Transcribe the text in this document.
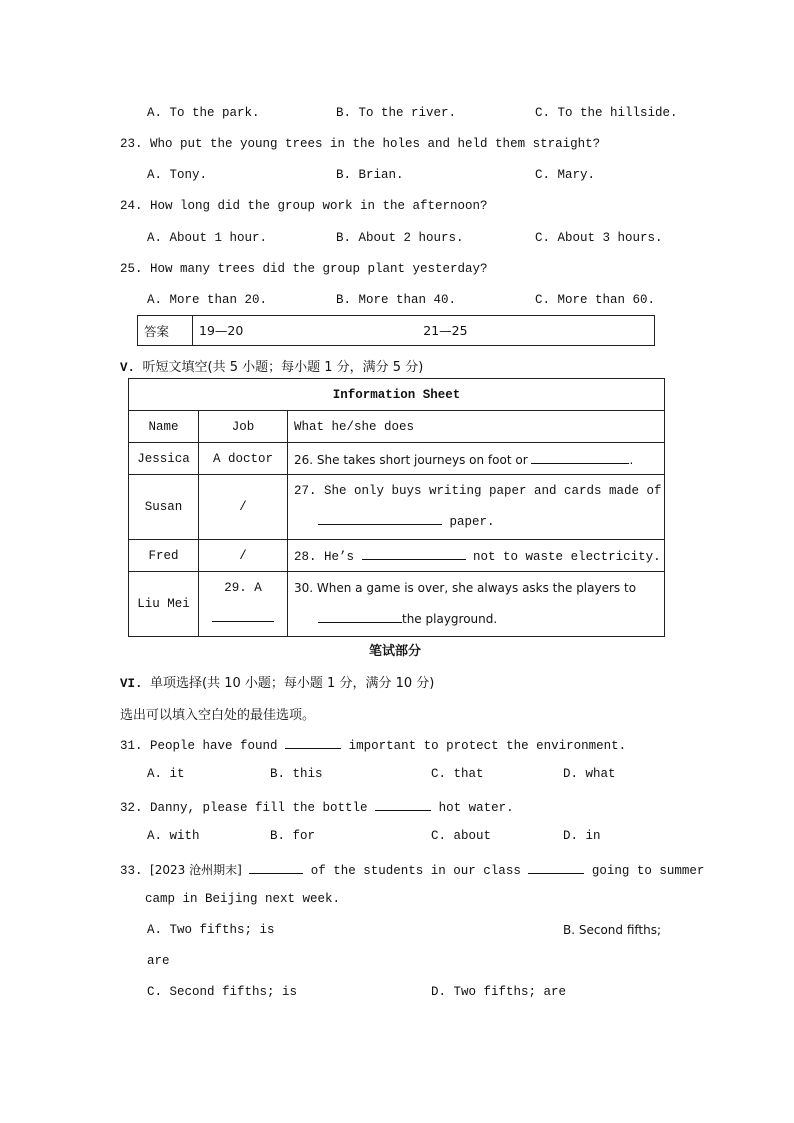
A. To the park.	B. To the river.	C. To the hillside.
23. Who put the young trees in the holes and held them straight?
A. Tony.	B. Brian.	C. Mary.
24. How long did the group work in the afternoon?
A. About 1 hour.	B. About 2 hours.	C. About 3 hours.
25. How many trees did the group plant yesterday?
A. More than 20.	B. More than 40.	C. More than 60.
答案	19—20	21—25
V. 听短文填空(共 5 小题；每小题 1 分，满分 5 分)
Information Sheet		
Name	Job	What he/she does
Jessica	A doctor	26. She takes short journeys on foot or .
Susan	/	27. She only buys writing paper and cards made of
paper.

Fred	/	28. He’s not to waste electricity.
Liu Mei	29. A	30. When a game is over, she always asks the players to
the playground.
笔试部分
VI. 单项选择(共 10 小题；每小题 1 分，满分 10 分)
选出可以填入空白处的最佳选项。
31. People have found	important to protect the environment.
A. it	B. this	C. that	D. what
32. Danny, please fill the bottle	hot water.
A. with	B. for	C. about	D. in
33. [2023 沧州期末]	of the students in our class	going to summer
camp in Beijing next week.
A. Two fifths; is	B. Second fifths;
are
C. Second fifths; is	D. Two fifths; are
